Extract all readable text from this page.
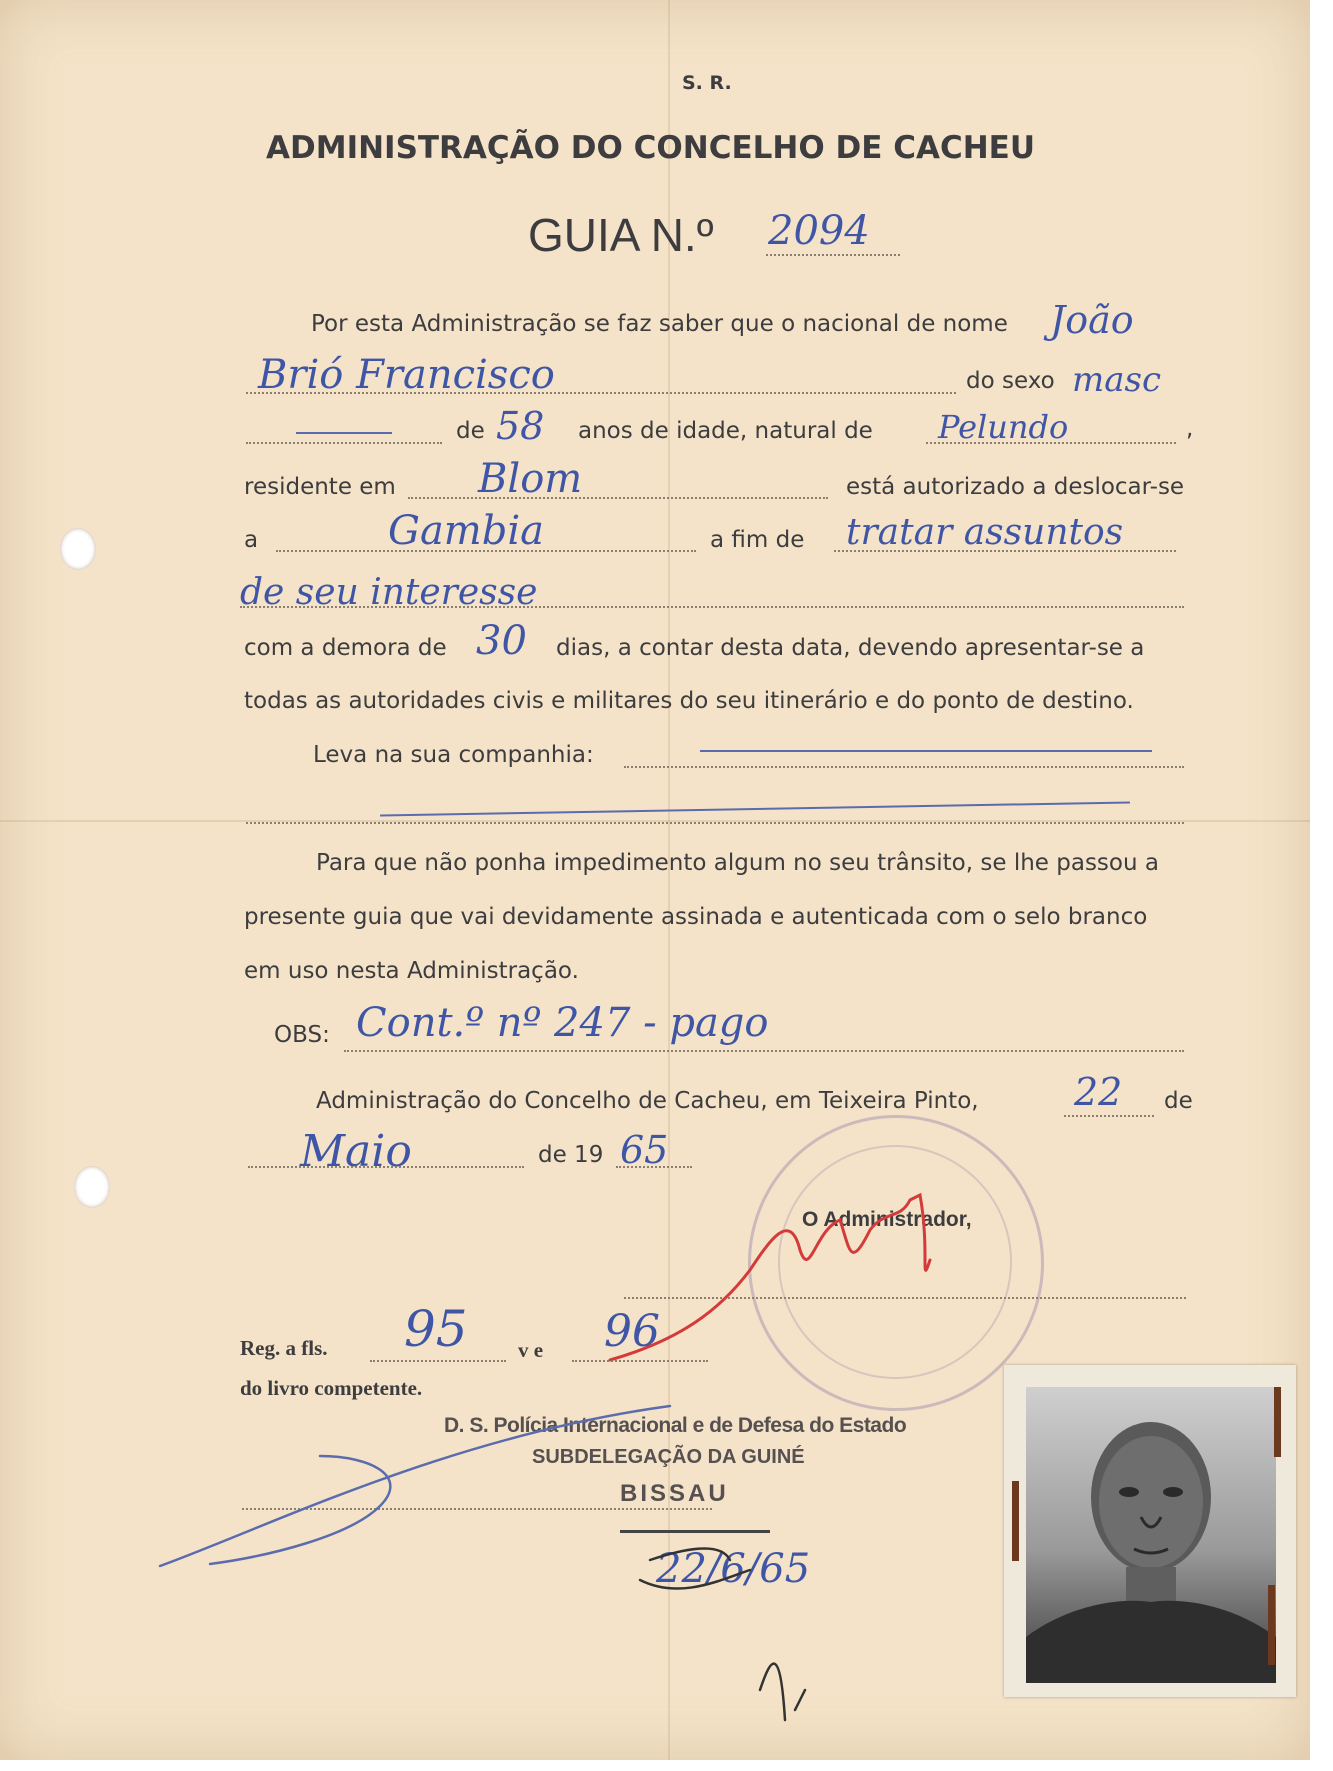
S. R.
ADMINISTRAÇÃO DO CONCELHO DE CACHEU
GUIA N.º 2094
Por esta Administração se faz saber que o nacional de nome João
Brió Francisco	do sexo masc
de 58 anos de idade, natural de Pelundo	,
residente em Blom	está autorizado a deslocar-se
a	Gambia	a fim de tratar assuntos
de seu interesse
com a demora de 30 dias, a contar desta data, devendo apresentar-se a
todas as autoridades civis e militares do seu itinerário e do ponto de destino.
Leva na sua companhia:
Para que não ponha impedimento algum no seu trânsito, se lhe passou a
presente guia que vai devidamente assinada e autenticada com o selo branco
em uso nesta Administração.
OBS: Cont.º nº 247 - pago
Administração do Concelho de Cacheu, em Teixeira Pinto,	22 de
Maio	de 19 65
O Administrador,
Reg. a fls. 95 v e 96
do livro competente.
D. S. Polícia Internacional e de Defesa do Estado
SUBDELEGAÇÃO DA GUINÉ
BISSAU
22/6/65
